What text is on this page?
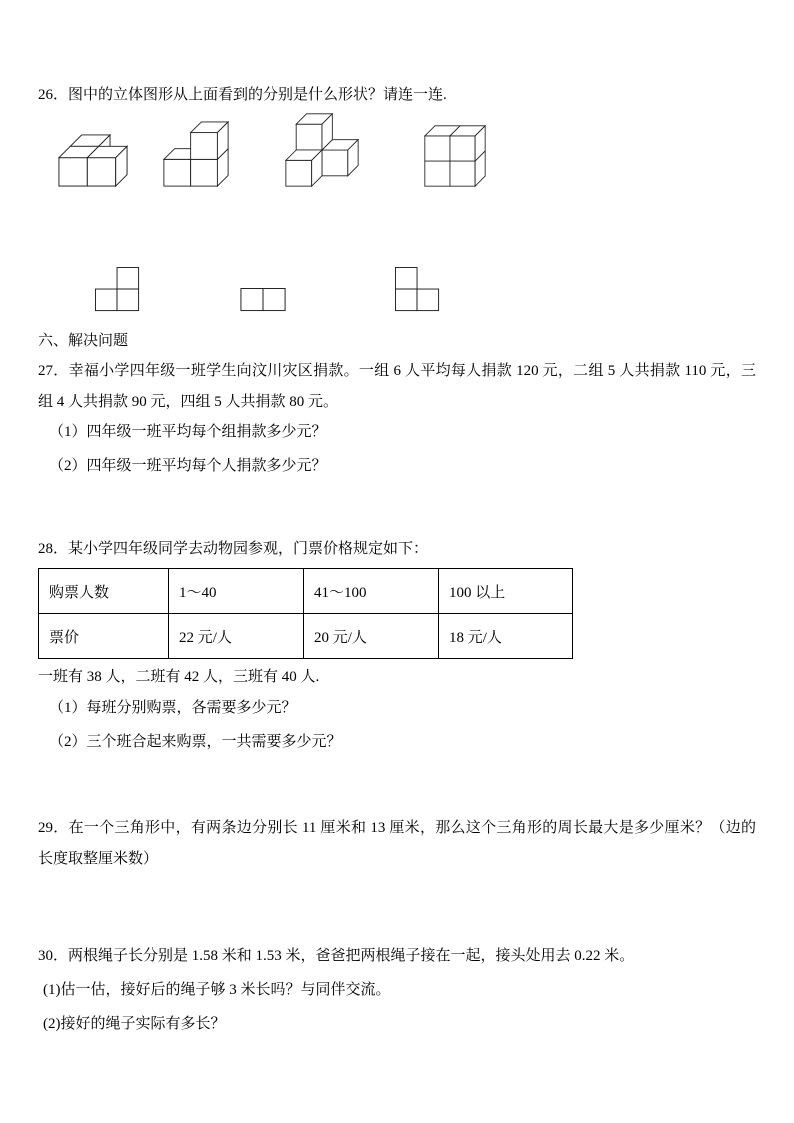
26．图中的立体图形从上面看到的分别是什么形状？请连一连.
六、解决问题
27．幸福小学四年级一班学生向汶川灾区捐款。一组 6 人平均每人捐款 120 元，二组 5 人共捐款 110 元，三组 4 人共捐款 90 元，四组 5 人共捐款 80 元。
（1）四年级一班平均每个组捐款多少元？
（2）四年级一班平均每个人捐款多少元？
28．某小学四年级同学去动物园参观，门票价格规定如下：
购票人数	1～40	41～100	100 以上
票价	22 元/人	20 元/人	18 元/人
一班有 38 人，二班有 42 人，三班有 40 人.
（1）每班分别购票，各需要多少元？
（2）三个班合起来购票，一共需要多少元？
29．在一个三角形中，有两条边分别长 11 厘米和 13 厘米，那么这个三角形的周长最大是多少厘米？（边的长度取整厘米数）
30．两根绳子长分别是 1.58 米和 1.53 米，爸爸把两根绳子接在一起，接头处用去 0.22 米。
(1)估一估，接好后的绳子够 3 米长吗？与同伴交流。
(2)接好的绳子实际有多长？
